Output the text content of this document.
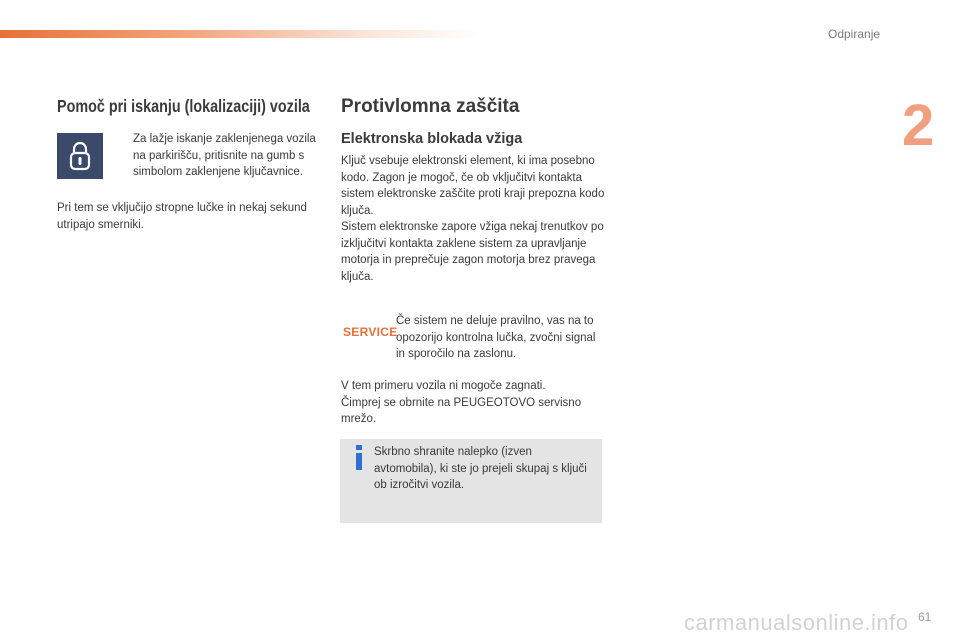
Odpiranje
2
Pomoč pri iskanju (lokalizaciji) vozila
Za lažje iskanje zaklenjenega vozila na parkirišču, pritisnite na gumb s simbolom zaklenjene ključavnice.
Pri tem se vključijo stropne lučke in nekaj sekund utripajo smerniki.
Protivlomna zaščita
Elektronska blokada vžiga
Ključ vsebuje elektronski element, ki ima posebno kodo. Zagon je mogoč, če ob vključitvi kontakta sistem elektronske zaščite proti kraji prepozna kodo ključa.
Sistem elektronske zapore vžiga nekaj trenutkov po izključitvi kontakta zaklene sistem za upravljanje motorja in preprečuje zagon motorja brez pravega ključa.
SERVICE
Če sistem ne deluje pravilno, vas na to opozorijo kontrolna lučka, zvočni signal in sporočilo na zaslonu.
V tem primeru vozila ni mogoče zagnati.
Čimprej se obrnite na PEUGEOTOVO servisno mrežo.
Skrbno shranite nalepko (izven avtomobila), ki ste jo prejeli skupaj s ključi ob izročitvi vozila.
carmanualsonline.info 61
